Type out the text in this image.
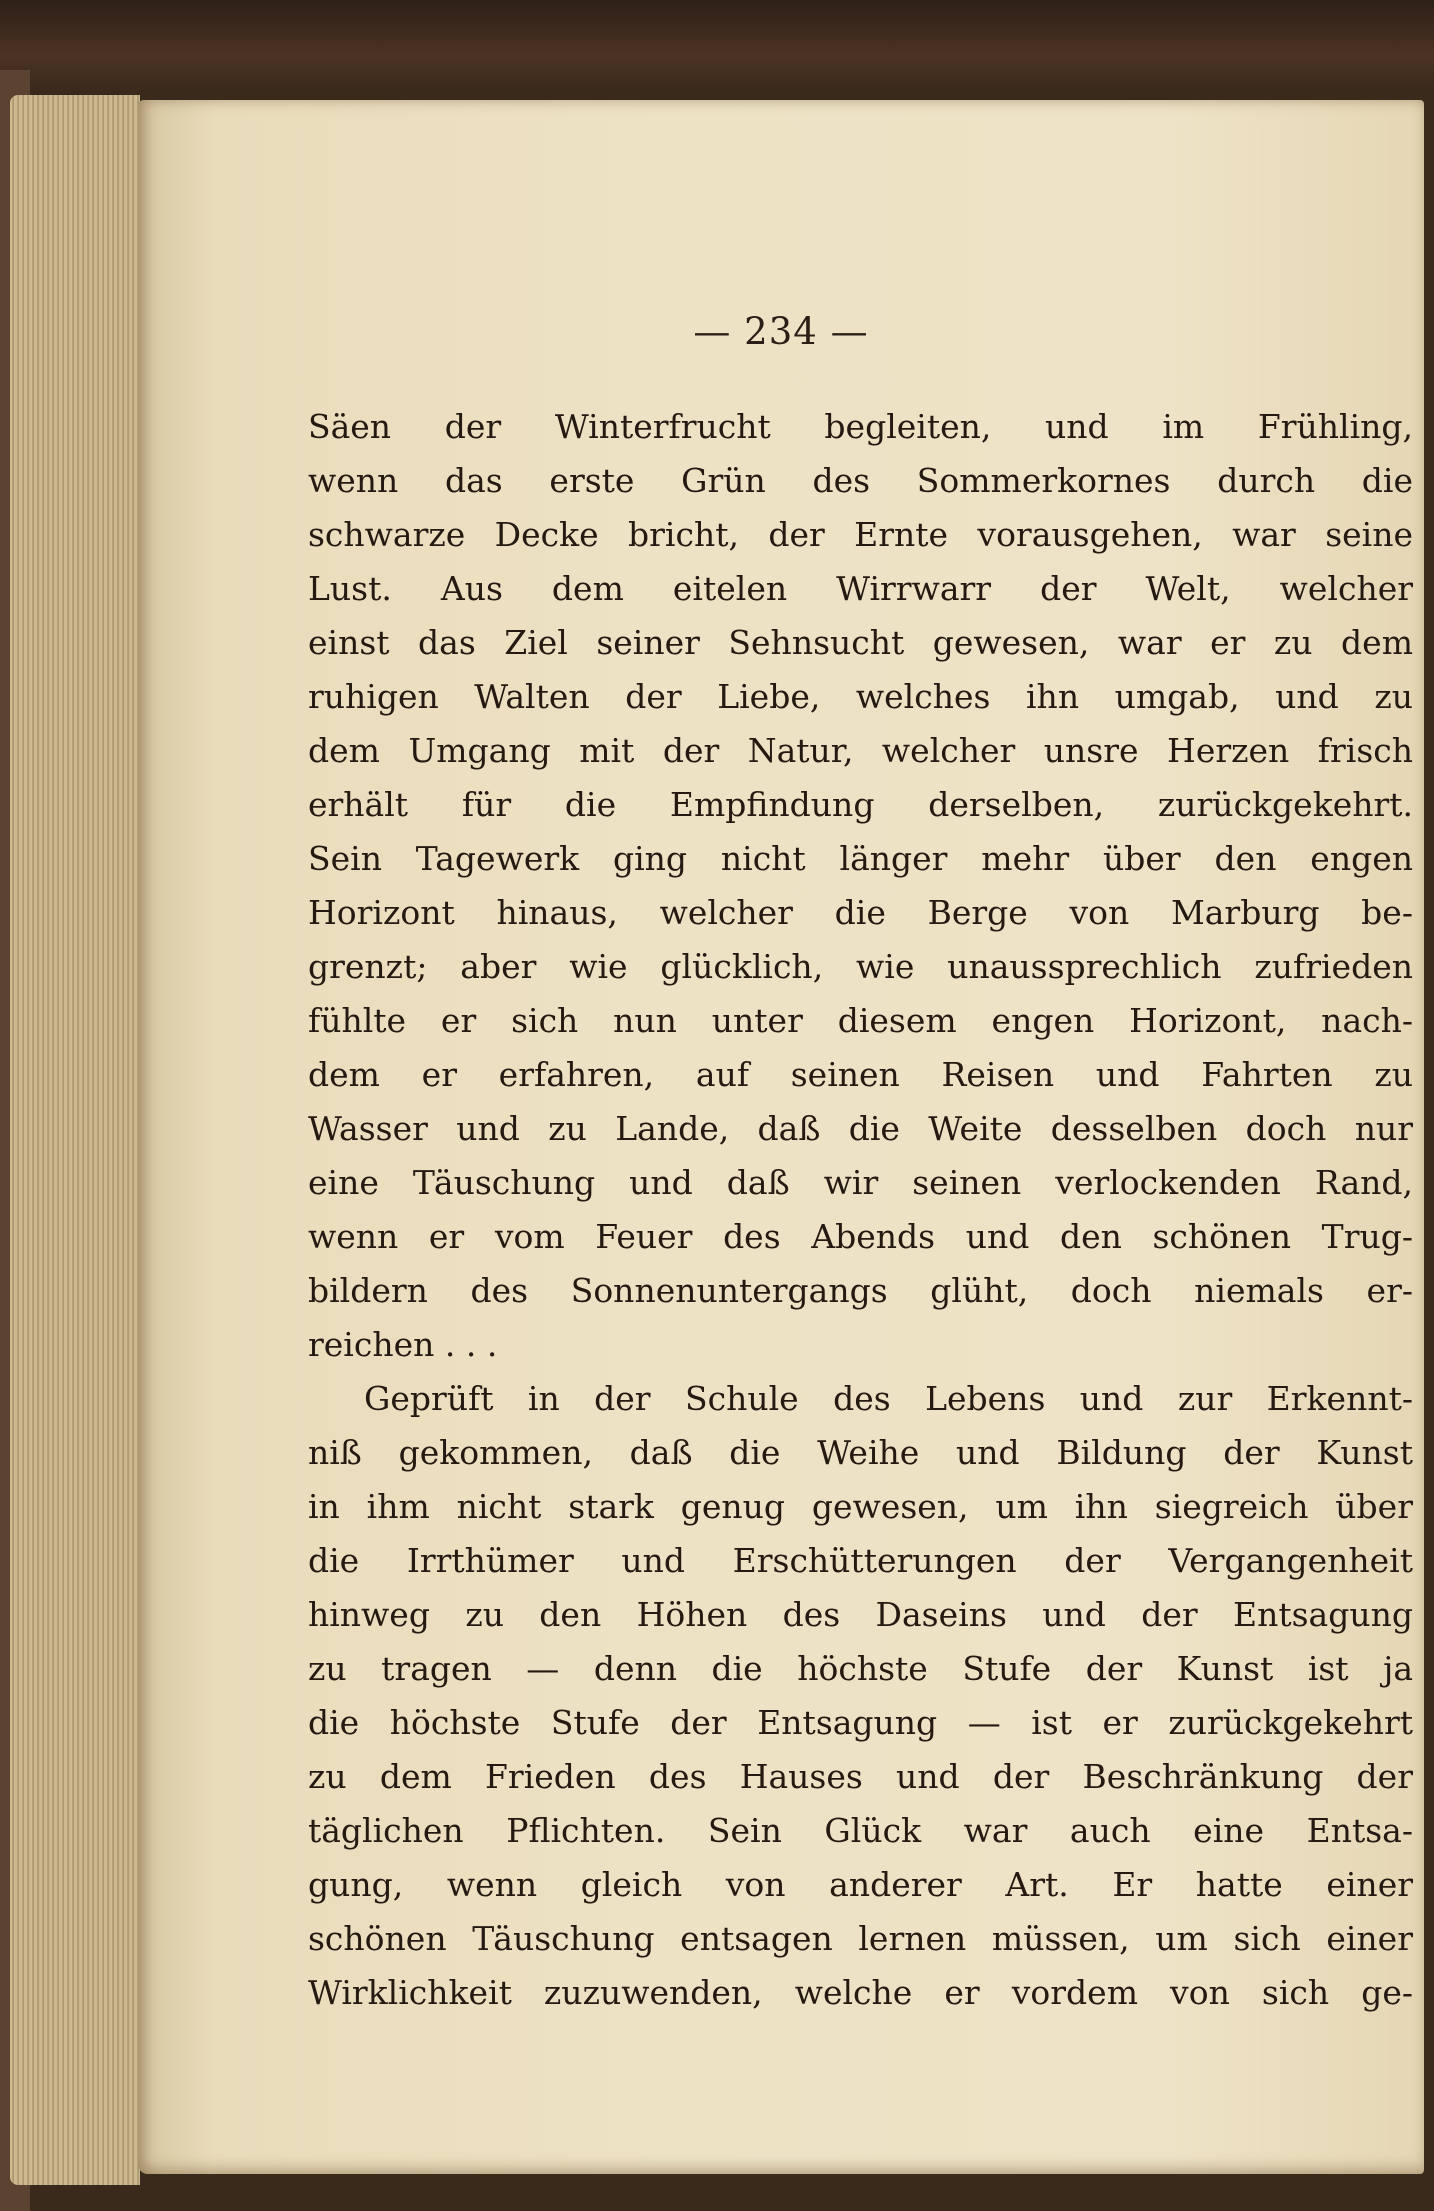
— 234 —
Säen der Winterfrucht begleiten, und im Frühling,
wenn das erste Grün des Sommerkornes durch die
schwarze Decke bricht, der Ernte vorausgehen, war seine
Lust. Aus dem eitelen Wirrwarr der Welt, welcher
einst das Ziel seiner Sehnsucht gewesen, war er zu dem
ruhigen Walten der Liebe, welches ihn umgab, und zu
dem Umgang mit der Natur, welcher unsre Herzen frisch
erhält für die Empfindung derselben, zurückgekehrt.
Sein Tagewerk ging nicht länger mehr über den engen
Horizont hinaus, welcher die Berge von Marburg be-
grenzt; aber wie glücklich, wie unaussprechlich zufrieden
fühlte er sich nun unter diesem engen Horizont, nach-
dem er erfahren, auf seinen Reisen und Fahrten zu
Wasser und zu Lande, daß die Weite desselben doch nur
eine Täuschung und daß wir seinen verlockenden Rand,
wenn er vom Feuer des Abends und den schönen Trug-
bildern des Sonnenuntergangs glüht, doch niemals er-
reichen . . .
Geprüft in der Schule des Lebens und zur Erkennt-
niß gekommen, daß die Weihe und Bildung der Kunst
in ihm nicht stark genug gewesen, um ihn siegreich über
die Irrthümer und Erschütterungen der Vergangenheit
hinweg zu den Höhen des Daseins und der Entsagung
zu tragen — denn die höchste Stufe der Kunst ist ja
die höchste Stufe der Entsagung — ist er zurückgekehrt
zu dem Frieden des Hauses und der Beschränkung der
täglichen Pflichten. Sein Glück war auch eine Entsa-
gung, wenn gleich von anderer Art. Er hatte einer
schönen Täuschung entsagen lernen müssen, um sich einer
Wirklichkeit zuzuwenden, welche er vordem von sich ge-
